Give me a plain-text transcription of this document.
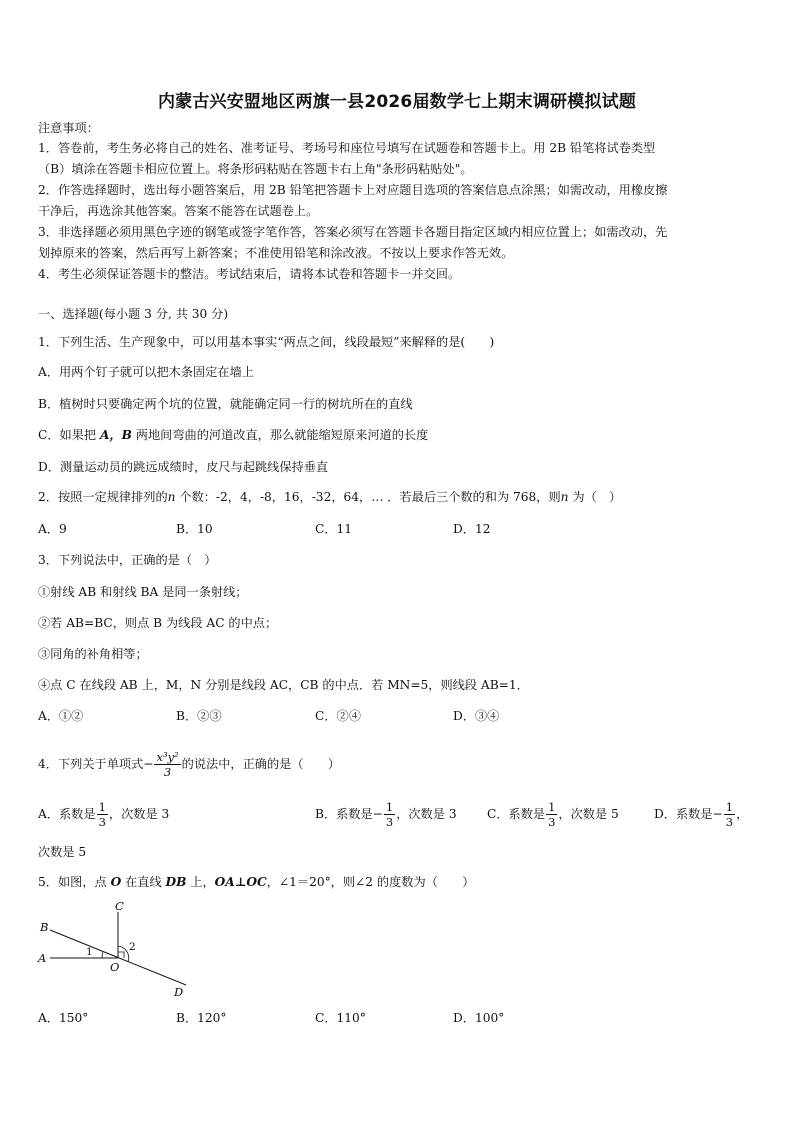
内蒙古兴安盟地区两旗一县2026届数学七上期末调研模拟试题
注意事项：
1．答卷前，考生务必将自己的姓名、准考证号、考场号和座位号填写在试题卷和答题卡上。用 2B 铅笔将试卷类型
（B）填涂在答题卡相应位置上。将条形码粘贴在答题卡右上角"条形码粘贴处"。
2．作答选择题时，选出每小题答案后，用 2B 铅笔把答题卡上对应题目选项的答案信息点涂黑；如需改动，用橡皮擦
干净后，再选涂其他答案。答案不能答在试题卷上。
3．非选择题必须用黑色字迹的钢笔或签字笔作答，答案必须写在答题卡各题目指定区域内相应位置上；如需改动，先
划掉原来的答案，然后再写上新答案；不准使用铅笔和涂改液。不按以上要求作答无效。
4．考生必须保证答题卡的整洁。考试结束后，请将本试卷和答题卡一并交回。
一、选择题(每小题 3 分, 共 30 分)
1．下列生活、生产现象中，可以用基本事实“两点之间，线段最短”来解释的是(　　)
A．用两个钉子就可以把木条固定在墙上
B．植树时只要确定两个坑的位置，就能确定同一行的树坑所在的直线
C．如果把 A，B 两地间弯曲的河道改直，那么就能缩短原来河道的长度
D．测量运动员的跳远成绩时，皮尺与起跳线保持垂直
2．按照一定规律排列的n 个数：-2，4，-8，16，-32，64，… ．若最后三个数的和为 768，则n 为（　）
A．9	B．10	C．11	D．12
3．下列说法中，正确的是（　）
①射线 AB 和射线 BA 是同一条射线；
②若 AB=BC，则点 B 为线段 AC 的中点；
③同角的补角相等；
④点 C 在线段 AB 上，M，N 分别是线段 AC，CB 的中点．若 MN=5，则线段 AB=1．
A．①②	B．②③	C．②④	D．③④
4．下列关于单项式− $\frac{\text{x³y²}}{3}$ 的说法中，正确的是（　　）
A．系数是 $\frac{1}{3}$ ，次数是 3	B．系数是− $\frac{1}{3}$ ，次数是 3 C．系数是 $\frac{1}{3}$ ，次数是 5	D．系数是− $\frac{1}{3}$ ，
次数是 5
5．如图，点 O 在直线 DB 上，OA⊥OC，∠1＝20°，则∠2 的度数为（　　）
B
C
A
O
D
1	2
A．150°	B．120°	C．110°	D．100°
